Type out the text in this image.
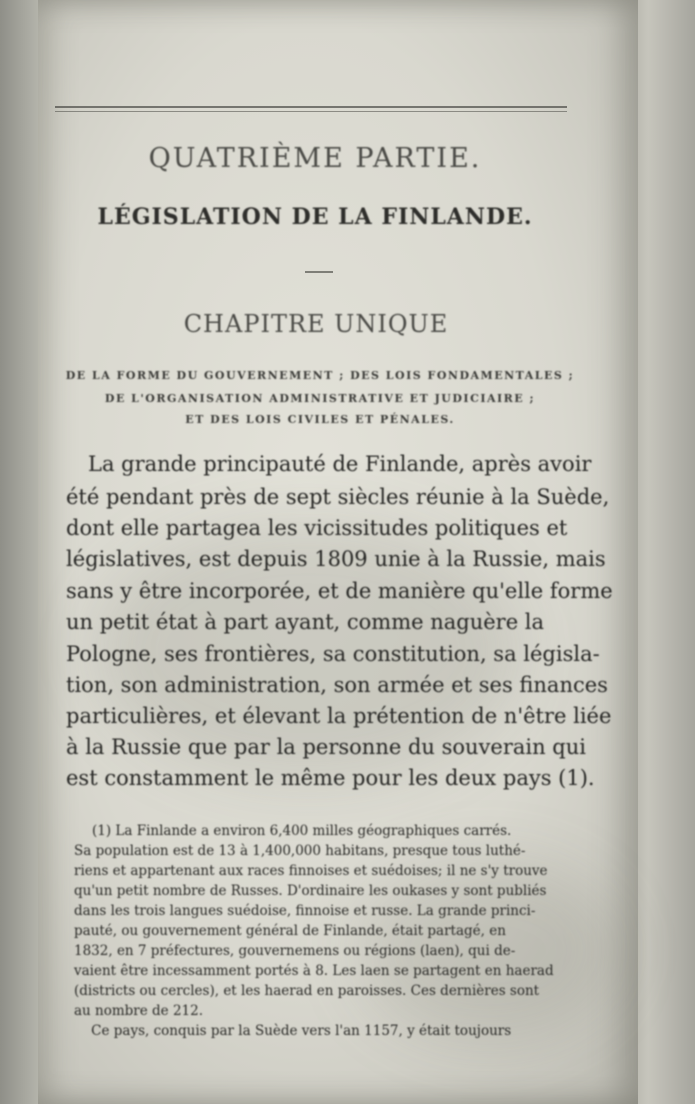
QUATRIÈME PARTIE.
LÉGISLATION DE LA FINLANDE.
CHAPITRE UNIQUE
DE LA FORME DU GOUVERNEMENT ; DES LOIS FONDAMENTALES ;
DE L'ORGANISATION ADMINISTRATIVE ET JUDICIAIRE ;
ET DES LOIS CIVILES ET PÉNALES.
La grande principauté de Finlande, après avoir
été pendant près de sept siècles réunie à la Suède,
dont elle partagea les vicissitudes politiques et
législatives, est depuis 1809 unie à la Russie, mais
sans y être incorporée, et de manière qu'elle forme
un petit état à part ayant, comme naguère la
Pologne, ses frontières, sa constitution, sa législa-
tion, son administration, son armée et ses finances
particulières, et élevant la prétention de n'être liée
à la Russie que par la personne du souverain qui
est constamment le même pour les deux pays (1).
(1) La Finlande a environ 6,400 milles géographiques carrés.
Sa population est de 13 à 1,400,000 habitans, presque tous luthé-
riens et appartenant aux races finnoises et suédoises; il ne s'y trouve
qu'un petit nombre de Russes. D'ordinaire les oukases y sont publiés
dans les trois langues suédoise, finnoise et russe. La grande princi-
pauté, ou gouvernement général de Finlande, était partagé, en
1832, en 7 préfectures, gouvernemens ou régions (laen), qui de-
vaient être incessamment portés à 8. Les laen se partagent en haerad
(districts ou cercles), et les haerad en paroisses. Ces dernières sont
au nombre de 212.
Ce pays, conquis par la Suède vers l'an 1157, y était toujours
